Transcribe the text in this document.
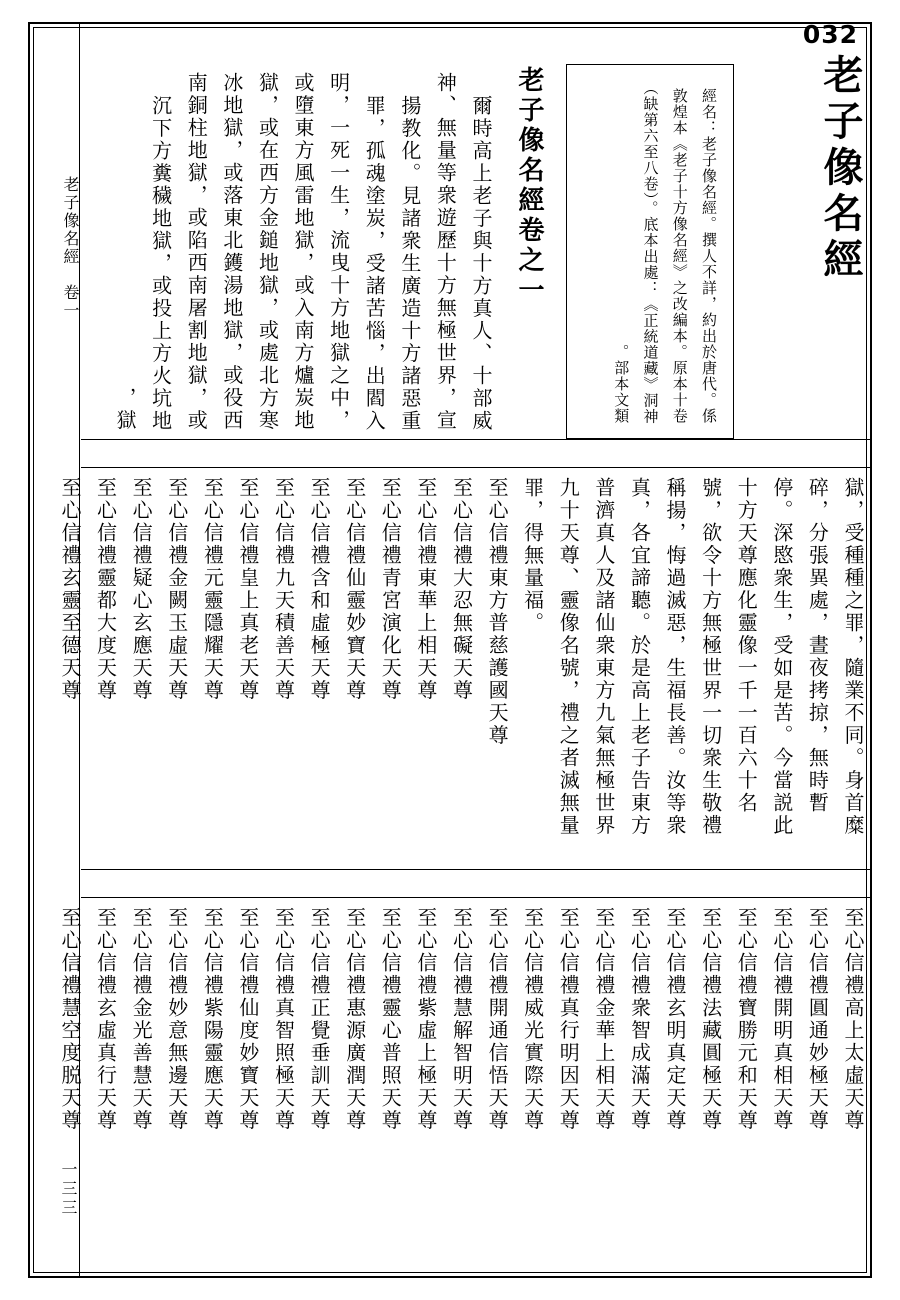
老子像名經　卷一
一三三
032
老子像名經
經名：老子像名經。撰人不詳，約出於唐代。係敦煌本《老子十方像名經》之改編本。原本十卷（缺第六至八卷）。底本出處：《正統道藏》洞神部本文類。
老子像名經卷之一
爾時高上老子與十方真人、十部威神、無量等衆遊歷十方無極世界，宣揚教化。見諸衆生廣造十方諸惡重罪，孤魂塗炭，受諸苦惱，出閻入明，一死一生，流曳十方地獄之中，或墮東方風雷地獄，或入南方爐炭地獄，或在西方金鎚地獄，或處北方寒冰地獄，或落東北鑊湯地獄，或役西南銅柱地獄，或陷西南屠割地獄，或沉下方糞穢地獄，或投上方火坑地獄，
獄，受種種之罪，隨業不同。身首糜碎，分張異處，晝夜拷掠，無時暫停。深愍衆生，受如是苦。今當説此十方天尊應化靈像一千一百六十名號，欲令十方無極世界一切衆生敬禮稱揚，悔過滅惡，生福長善。汝等衆真，各宜諦聽。於是高上老子告東方普濟真人及諸仙衆東方九氣無極世界九十天尊、靈像名號，禮之者滅無量罪，得無量福。
至心信禮東方普慈護國天尊
至心信禮大忍無礙天尊
至心信禮東華上相天尊
至心信禮青宮演化天尊
至心信禮仙靈妙寶天尊
至心信禮含和虛極天尊
至心信禮九天積善天尊
至心信禮皇上真老天尊
至心信禮元靈隱耀天尊
至心信禮金闕玉虛天尊
至心信禮疑心玄應天尊
至心信禮靈都大度天尊
至心信禮玄靈至德天尊
至心信禮高上太虛天尊
至心信禮圓通妙極天尊
至心信禮開明真相天尊
至心信禮寶勝元和天尊
至心信禮法藏圓極天尊
至心信禮玄明真定天尊
至心信禮衆智成滿天尊
至心信禮金華上相天尊
至心信禮真行明因天尊
至心信禮威光實際天尊
至心信禮開通信悟天尊
至心信禮慧解智明天尊
至心信禮紫虛上極天尊
至心信禮靈心普照天尊
至心信禮惠源廣潤天尊
至心信禮正覺垂訓天尊
至心信禮真智照極天尊
至心信禮仙度妙寶天尊
至心信禮紫陽靈應天尊
至心信禮妙意無邊天尊
至心信禮金光善慧天尊
至心信禮玄虛真行天尊
至心信禮慧空度脱天尊
